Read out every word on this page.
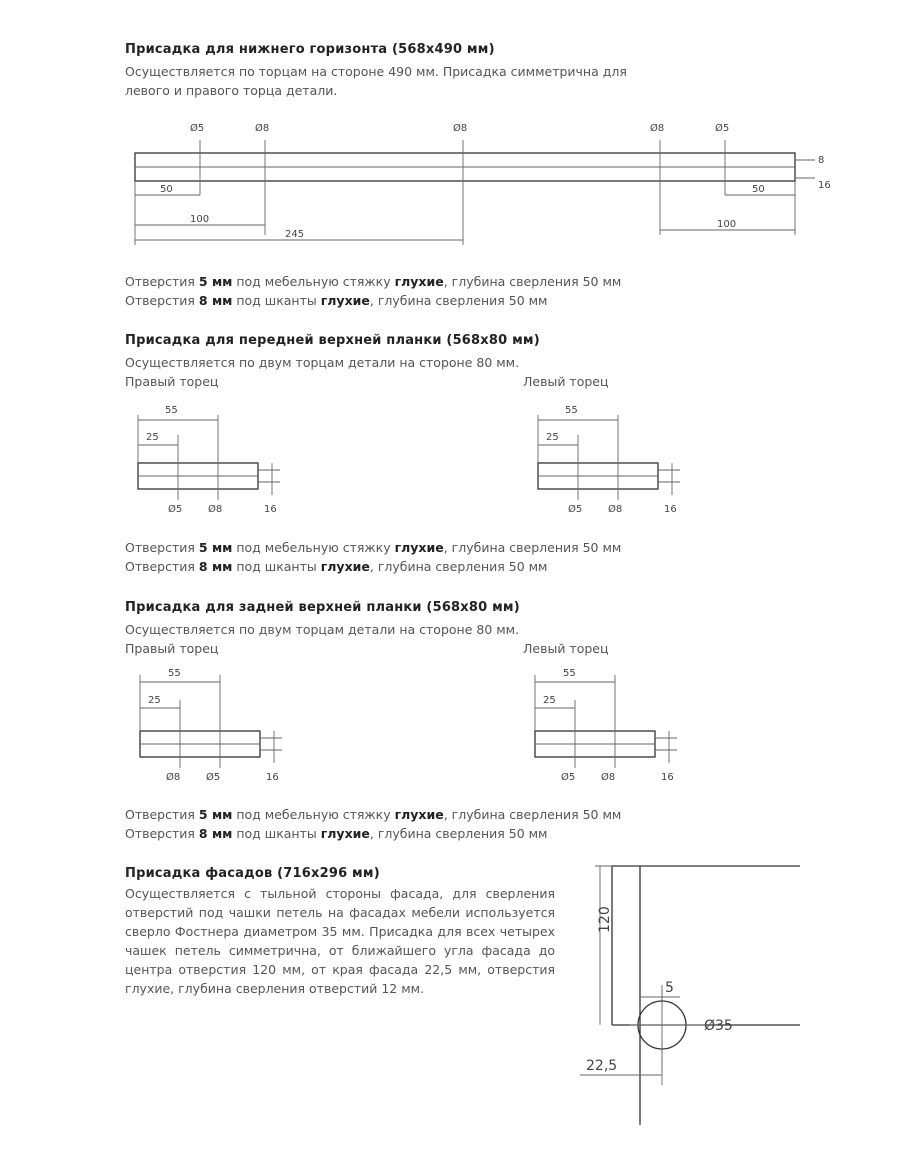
Присадка для нижнего горизонта (568х490 мм)
Осуществляется по торцам на стороне 490 мм. Присадка симметрична для
левого и правого торца детали.
Ø5	Ø8	Ø8	Ø8	Ø5
50
100
245
50
100
8
16
Отверстия 5 мм под мебельную стяжку глухие, глубина сверления 50 мм
Отверстия 8 мм под шканты глухие, глубина сверления 50 мм
Присадка для передней верхней планки (568х80 мм)
Осуществляется по двум торцам детали на стороне 80 мм.
Правый торец	Левый торец
55
25
Ø5	Ø8	16
55
25
Ø5	Ø8	16
Отверстия 5 мм под мебельную стяжку глухие, глубина сверления 50 мм
Отверстия 8 мм под шканты глухие, глубина сверления 50 мм
Присадка для задней верхней планки (568х80 мм)
Осуществляется по двум торцам детали на стороне 80 мм.
Правый торец	Левый торец
55
25
Ø8	Ø5	16
55
25
Ø5	Ø8	16
Отверстия 5 мм под мебельную стяжку глухие, глубина сверления 50 мм
Отверстия 8 мм под шканты глухие, глубина сверления 50 мм
Присадка фасадов (716х296 мм)
Осуществляется с тыльной стороны фасада, для сверления отверстий под чашки петель на фасадах мебели используется сверло Фостнера диаметром 35 мм. Присадка для всех четырех чашек петель симметрична, от ближайшего угла фасада до центра отверстия 120 мм, от края фасада 22,5 мм, отверстия глухие, глубина сверления отверстий 12 мм.
120
5
Ø35
22,5
